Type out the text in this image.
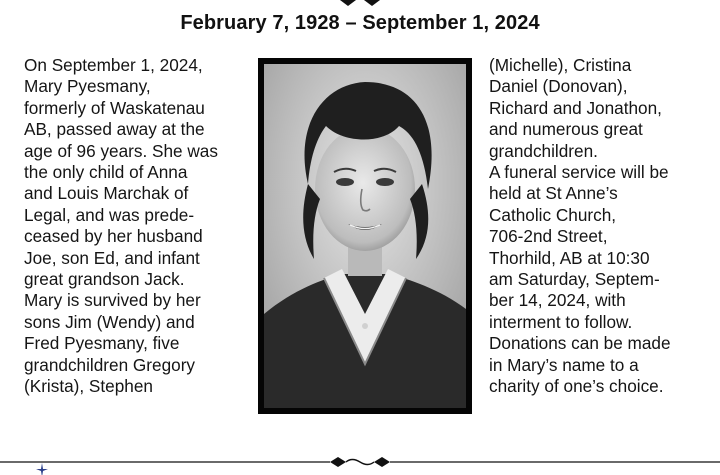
February 7, 1928 – September 1, 2024
On September 1, 2024,
Mary Pyesmany,
formerly of Waskatenau
AB, passed away at the
age of 96 years. She was
the only child of Anna
and Louis Marchak of
Legal, and was prede-
ceased by her husband
Joe, son Ed, and infant
great grandson Jack.
Mary is survived by her
sons Jim (Wendy) and
Fred Pyesmany, five
grandchildren Gregory
(Krista), Stephen
(Michelle), Cristina
Daniel (Donovan),
Richard and Jonathon,
and numerous great
grandchildren.
A funeral service will be
held at St Anne’s
Catholic Church,
706-2nd Street,
Thorhild, AB at 10:30
am Saturday, Septem-
ber 14, 2024, with
interment to follow.
Donations can be made
in Mary’s name to a
charity of one’s choice.
